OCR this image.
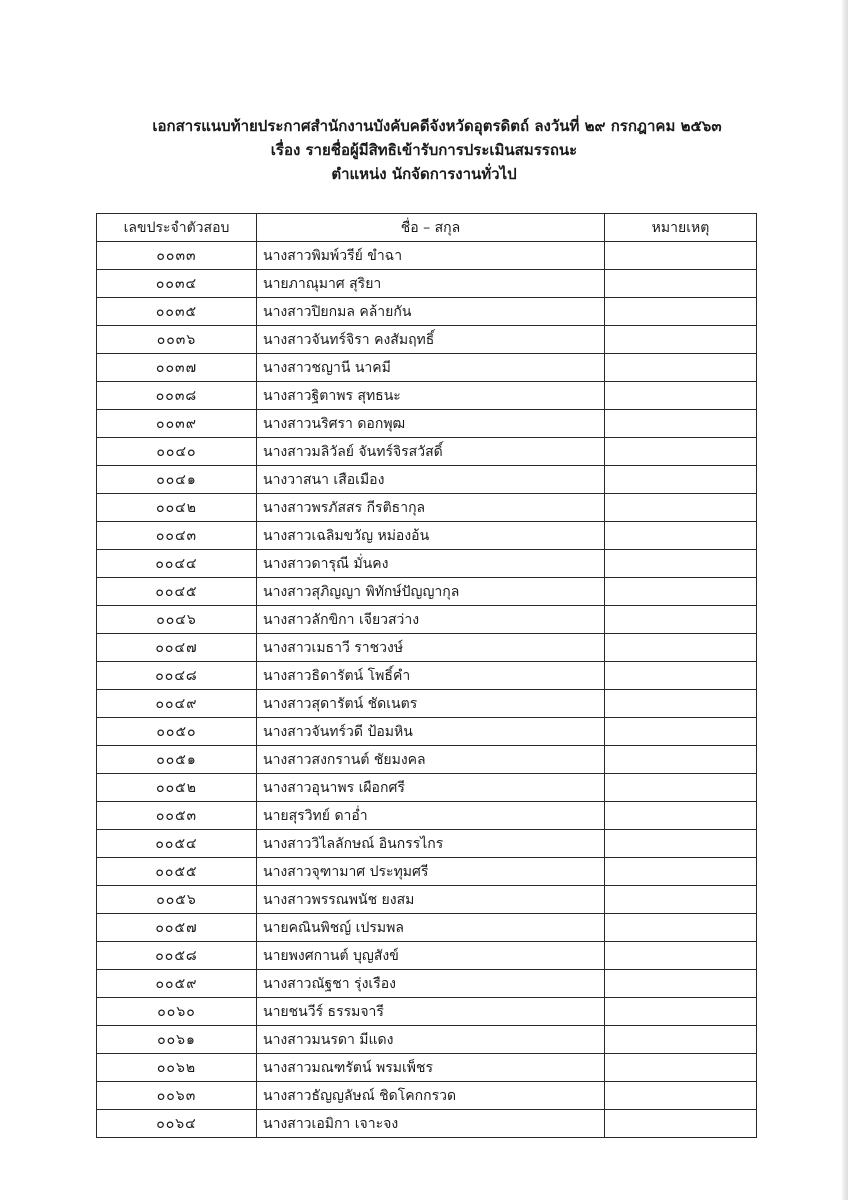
เอกสารแนบท้ายประกาศสำนักงานบังคับคดีจังหวัดอุตรดิตถ์ ลงวันที่ ๒๙ กรกฎาคม ๒๕๖๓
เรื่อง รายชื่อผู้มีสิทธิเข้ารับการประเมินสมรรถนะ
ตำแหน่ง นักจัดการงานทั่วไป
เลขประจำตัวสอบ	ชื่อ – สกุล	หมายเหตุ
๐๐๓๓	นางสาวพิมพ์วรีย์ ขำฉา	
๐๐๓๔	นายภาณุมาศ สุริยา	
๐๐๓๕	นางสาวปิยกมล คล้ายกัน	
๐๐๓๖	นางสาวจันทร์จิรา คงสัมฤทธิ์	
๐๐๓๗	นางสาวชญานี นาคมี	
๐๐๓๘	นางสาวฐิตาพร สุทธนะ	
๐๐๓๙	นางสาวนริศรา ดอกพุฒ	
๐๐๔๐	นางสาวมลิวัลย์ จันทร์จิรสวัสดิ์	
๐๐๔๑	นางวาสนา เสือเมือง	
๐๐๔๒	นางสาวพรภัสสร กีรติธากุล	
๐๐๔๓	นางสาวเฉลิมขวัญ หม่องอ้น	
๐๐๔๔	นางสาวดารุณี มั่นคง	
๐๐๔๕	นางสาวสุภิญญา พิทักษ์ปัญญากุล	
๐๐๔๖	นางสาวลักขิกา เจียวสว่าง	
๐๐๔๗	นางสาวเมธาวี ราชวงษ์	
๐๐๔๘	นางสาวธิดารัตน์ โพธิ์คำ	
๐๐๔๙	นางสาวสุดารัตน์ ชัดเนตร	
๐๐๕๐	นางสาวจันทร์วดี ป้อมหิน	
๐๐๕๑	นางสาวสงกรานต์ ชัยมงคล	
๐๐๕๒	นางสาวอุนาพร เผือกศรี	
๐๐๕๓	นายสุรวิทย์ ดาอ่ำ	
๐๐๕๔	นางสาววิไลลักษณ์ อินกรรไกร	
๐๐๕๕	นางสาวจุฑามาศ ประทุมศรี	
๐๐๕๖	นางสาวพรรณพนัช ยงสม	
๐๐๕๗	นายคณินพิชญ์ เปรมพล	
๐๐๕๘	นายพงศกานต์ บุญสังข์	
๐๐๕๙	นางสาวณัฐชา รุ่งเรือง	
๐๐๖๐	นายชนวีร์ ธรรมจารี	
๐๐๖๑	นางสาวมนรดา มีแดง	
๐๐๖๒	นางสาวมณฑรัตน์ พรมเพ็ชร	
๐๐๖๓	นางสาวธัญญลัษณ์ ชิดโคกกรวด	
๐๐๖๔	นางสาวเอมิกา เจาะจง	
